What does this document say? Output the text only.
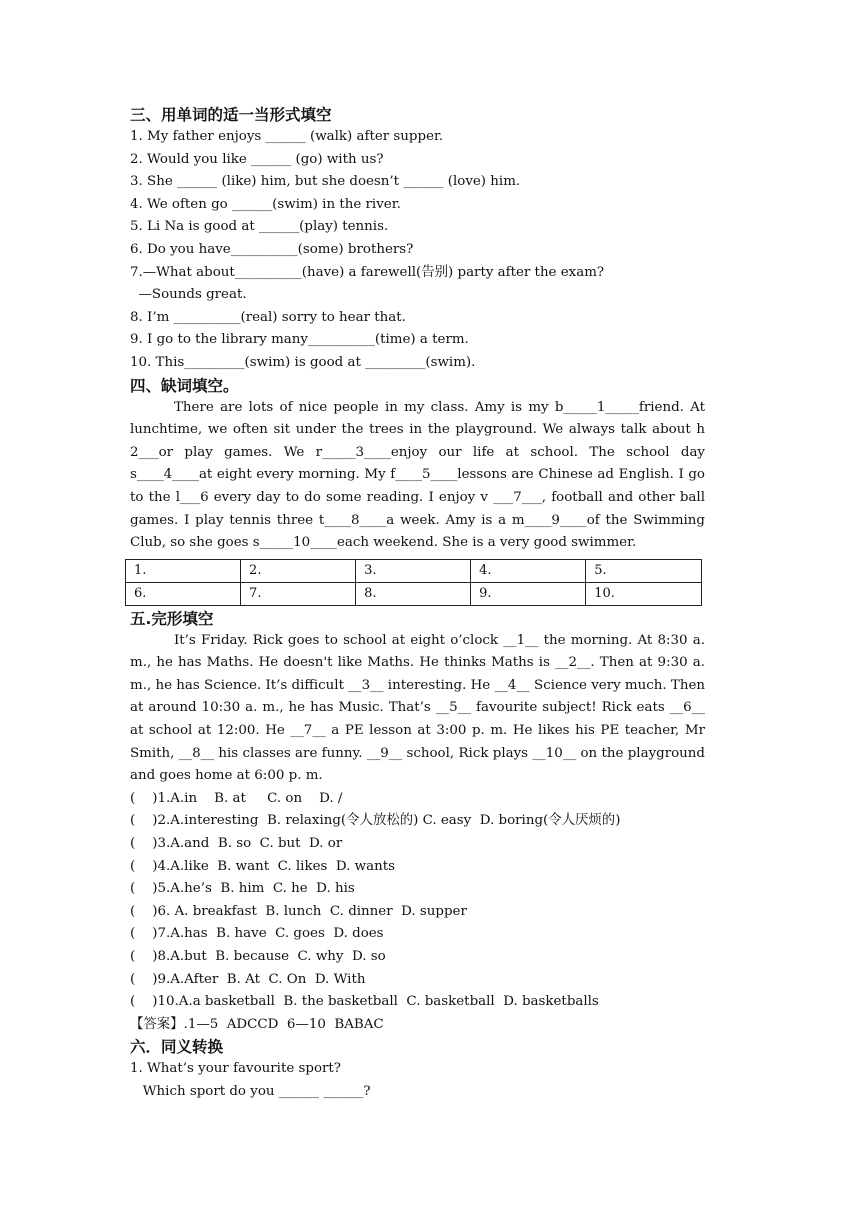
三、用单词的适一当形式填空
1. My father enjoys ______ (walk) after supper.
2. Would you like ______ (go) with us?
3. She ______ (like) him, but she doesn’t ______ (love) him.
4. We often go ______(swim) in the river.
5. Li Na is good at ______(play) tennis.
6. Do you have__________(some) brothers?
7.—What about__________(have) a farewell(告别) party after the exam?
—Sounds great.
8. I’m __________(real) sorry to hear that.
9. I go to the library many__________(time) a term.
10. This_________(swim) is good at _________(swim).
四、缺词填空。
There are lots of nice people in my class. Amy is my b_____1_____friend. At lunchtime, we often sit under the trees in the playground. We always talk about h 2___or play games. We r_____3____enjoy our life at school. The school day s____4____at eight every morning. My f____5____lessons are Chinese ad English. I go to the l___6 every day to do some reading. I enjoy v ___7___, football and other ball games. I play tennis three t____8____a week. Amy is a m____9____of the Swimming Club, so she goes s_____10____each weekend. She is a very good swimmer.
1.	2.	3.	4.	5.
6.	7.	8.	9.	10.
五.完形填空
It’s Friday. Rick goes to school at eight o’clock __1__ the morning. At 8:30 a. m., he has Maths. He doesn't like Maths. He thinks Maths is __2__. Then at 9:30 a. m., he has Science. It’s difficult __3__ interesting. He __4__ Science very much. Then at around 10:30 a. m., he has Music. That’s __5__ favourite subject! Rick eats __6__ at school at 12:00. He __7__ a PE lesson at 3:00 p. m. He likes his PE teacher, Mr Smith, __8__ his classes are funny. __9__ school, Rick plays __10__ on the playground and goes home at 6:00 p. m.
(    )1.A.in    B. at     C. on    D. /
(    )2.A.interesting  B. relaxing(令人放松的) C. easy  D. boring(令人厌烦的)
(    )3.A.and  B. so  C. but  D. or
(    )4.A.like  B. want  C. likes  D. wants
(    )5.A.he’s  B. him  C. he  D. his
(    )6. A. breakfast  B. lunch  C. dinner  D. supper
(    )7.A.has  B. have  C. goes  D. does
(    )8.A.but  B. because  C. why  D. so
(    )9.A.After  B. At  C. On  D. With
(    )10.A.a basketball  B. the basketball  C. basketball  D. basketballs
【答案】.1—5  ADCCD  6—10  BABAC
六．同义转换
1. What’s your favourite sport?
Which sport do you ______ ______?
